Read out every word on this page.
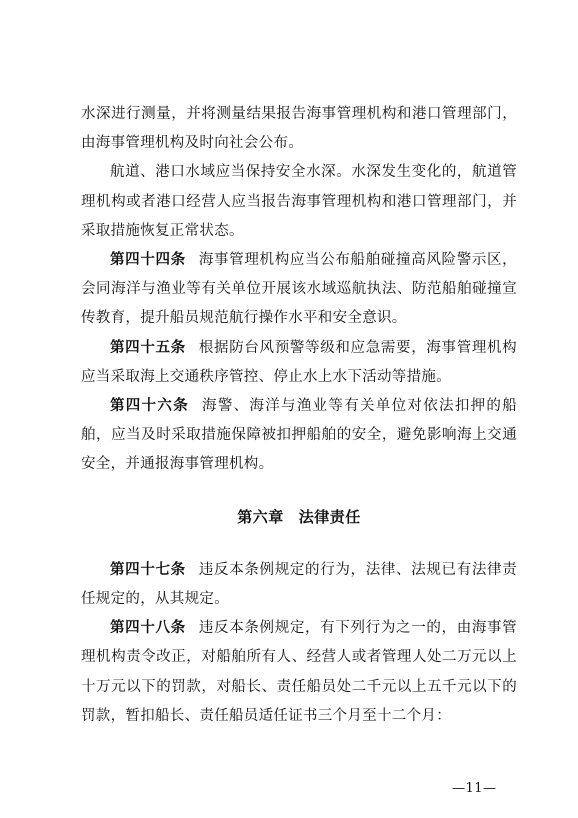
水深进行测量，并将测量结果报告海事管理机构和港口管理部门，由海事管理机构及时向社会公布。

航道、港口水域应当保持安全水深。水深发生变化的，航道管理机构或者港口经营人应当报告海事管理机构和港口管理部门，并采取措施恢复正常状态。

第四十四条 海事管理机构应当公布船舶碰撞高风险警示区，会同海洋与渔业等有关单位开展该水域巡航执法、防范船舶碰撞宣传教育，提升船员规范航行操作水平和安全意识。

第四十五条 根据防台风预警等级和应急需要，海事管理机构应当采取海上交通秩序管控、停止水上水下活动等措施。

第四十六条 海警、海洋与渔业等有关单位对依法扣押的船舶，应当及时采取措施保障被扣押船舶的安全，避免影响海上交通安全，并通报海事管理机构。

第六章 法律责任

第四十七条 违反本条例规定的行为，法律、法规已有法律责任规定的，从其规定。

第四十八条 违反本条例规定，有下列行为之一的，由海事管理机构责令改正，对船舶所有人、经营人或者管理人处二万元以上十万元以下的罚款，对船长、责任船员处二千元以上五千元以下的罚款，暂扣船长、责任船员适任证书三个月至十二个月：

—11—
